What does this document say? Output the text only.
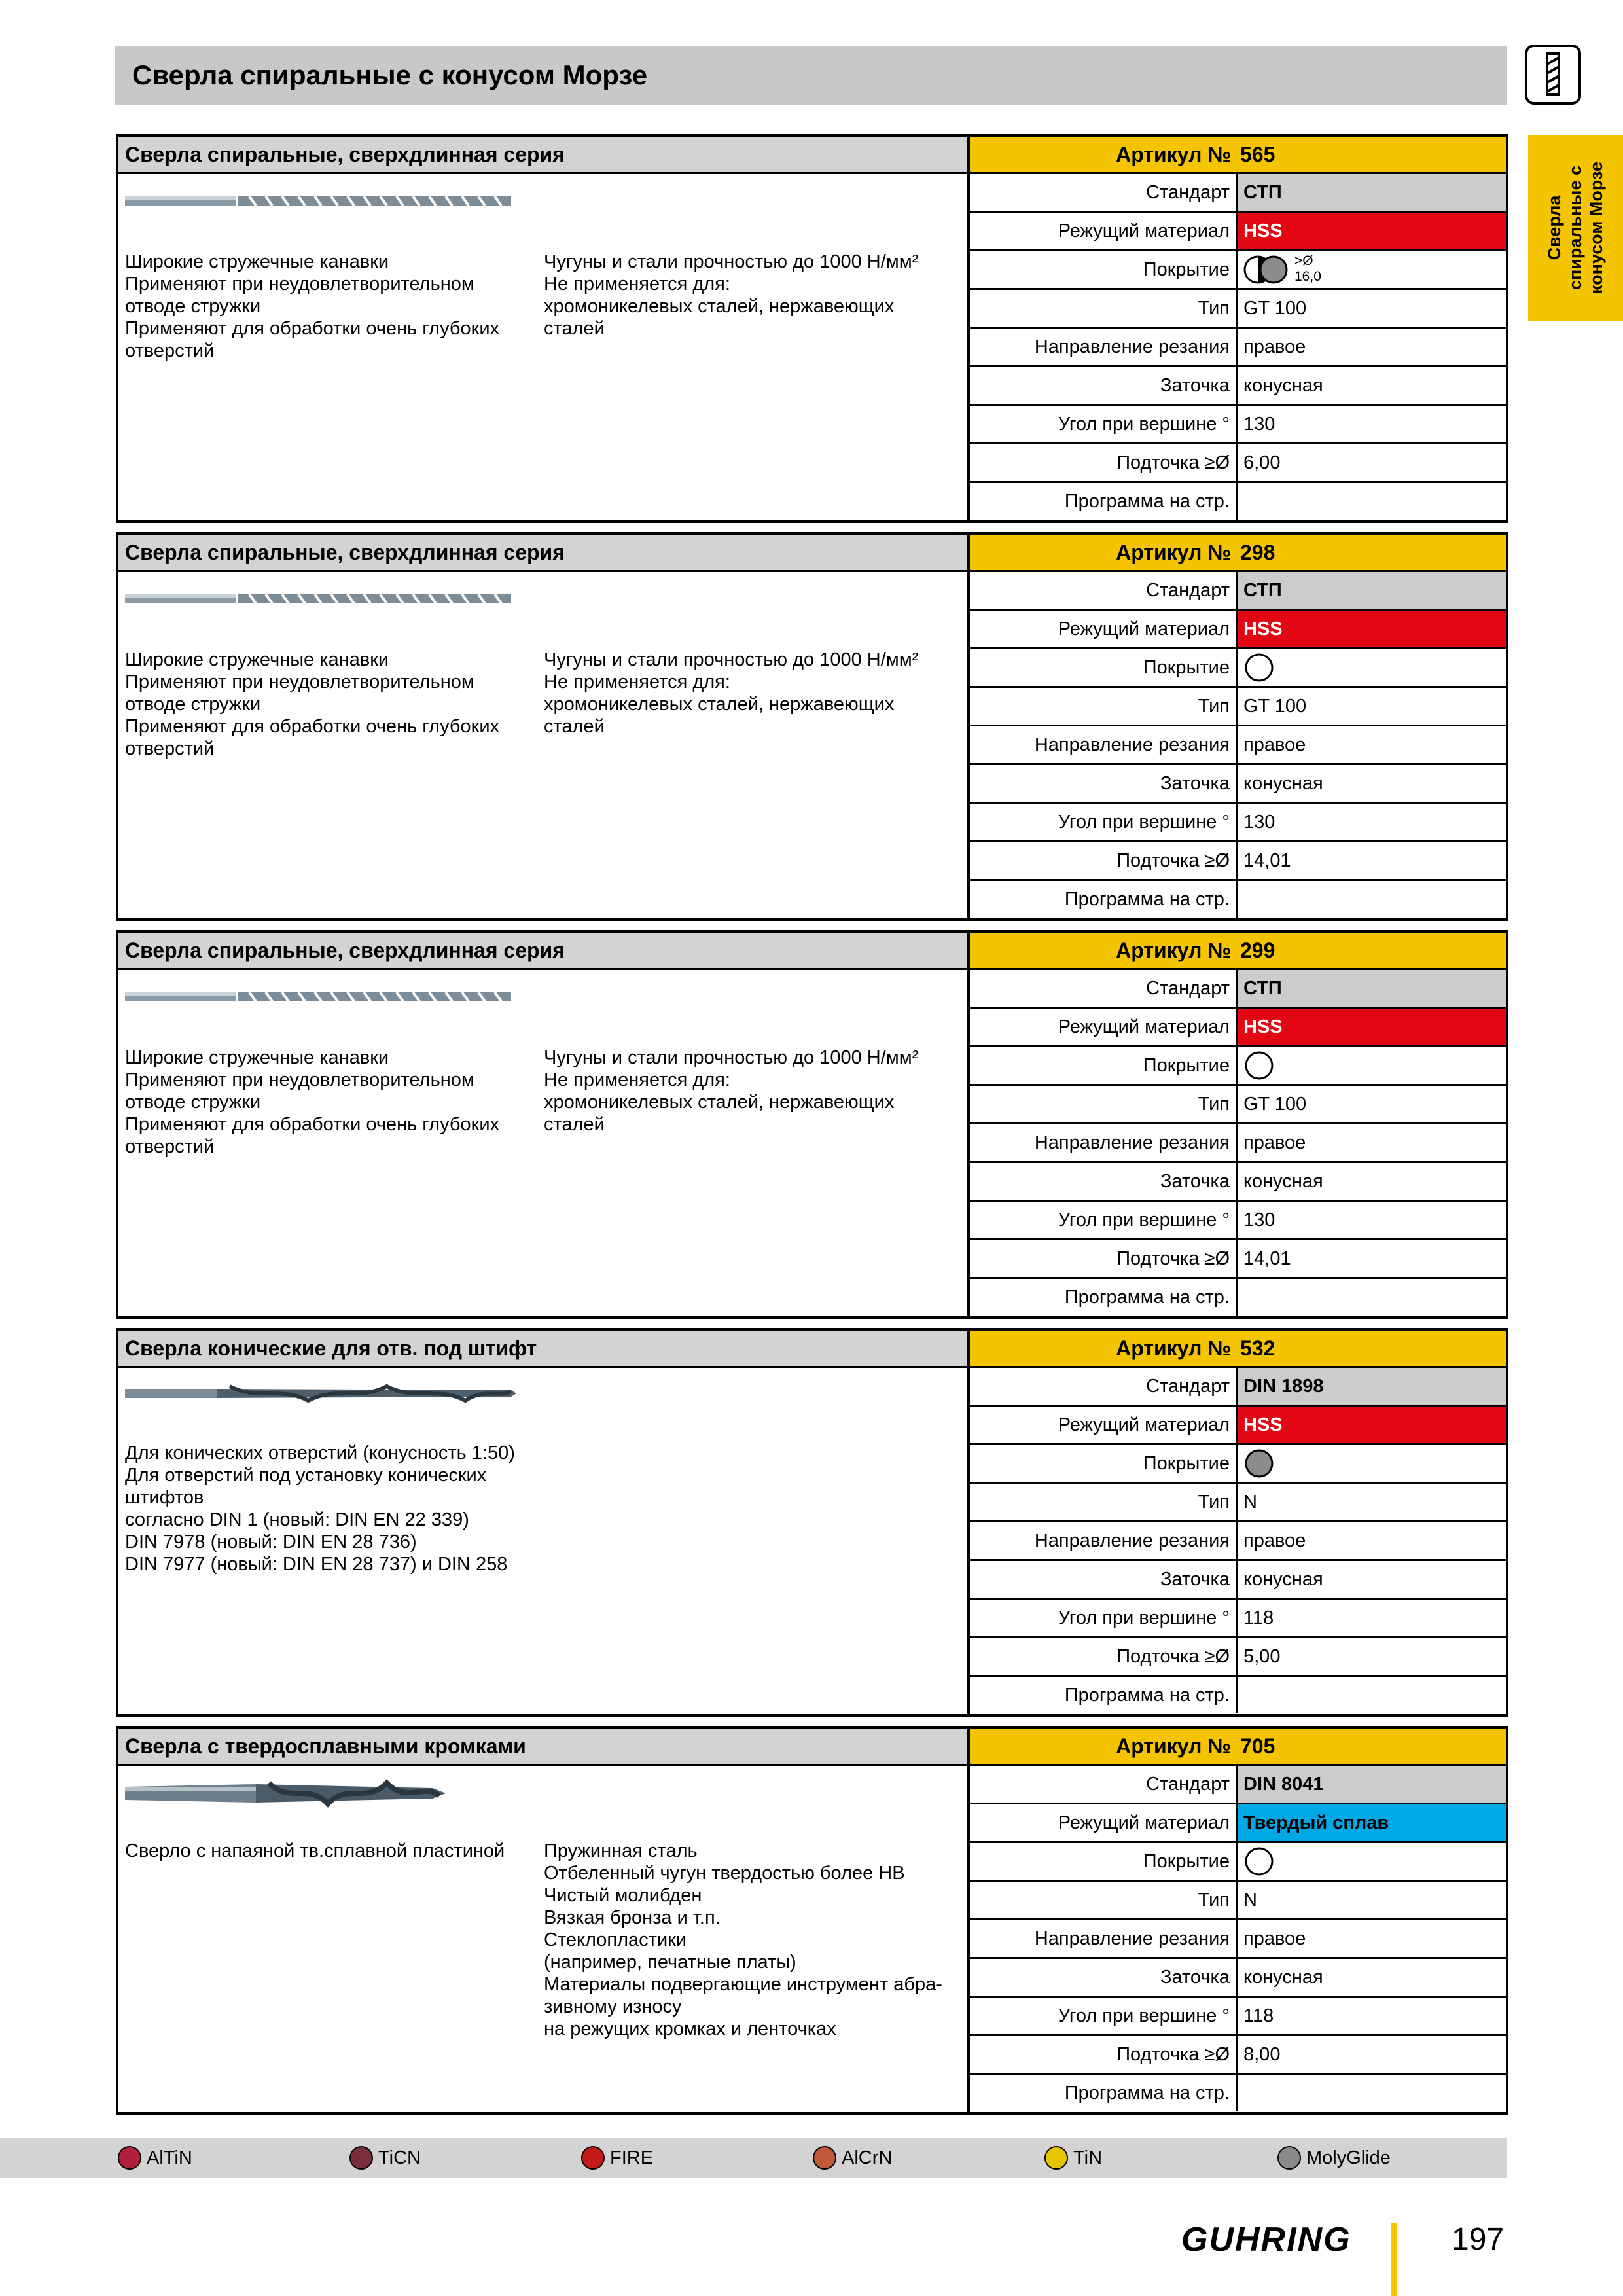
Сверла спиральные с конусом Морзе
Сверла
спиральные с
конусом Морзе
Сверла спиральные, сверхдлинная серия	Артикул № 565
Широкие стружечные канавки
Применяют при неудовлетворительном
отводе стружки
Применяют для обработки очень глубоких
отверстий
Чугуны и стали прочностью до 1000 Н/мм²
Не применяется для:
хромоникелевых сталей, нержавеющих
сталей
Стандарт СТП
Режущий материал HSS
Покрытие	>Ø
16,0
Тип GT 100
Направление резания правое
Заточка конусная
Угол при вершине ° 130
Подточка ≥Ø 6,00
Программа на стр.
Сверла спиральные, сверхдлинная серия	Артикул № 298
Широкие стружечные канавки
Применяют при неудовлетворительном
отводе стружки
Применяют для обработки очень глубоких
отверстий
Чугуны и стали прочностью до 1000 Н/мм²
Не применяется для:
хромоникелевых сталей, нержавеющих
сталей
Стандарт СТП
Режущий материал HSS
Покрытие
Тип GT 100
Направление резания правое
Заточка конусная
Угол при вершине ° 130
Подточка ≥Ø 14,01
Программа на стр.
Сверла спиральные, сверхдлинная серия	Артикул № 299
Широкие стружечные канавки
Применяют при неудовлетворительном
отводе стружки
Применяют для обработки очень глубоких
отверстий
Чугуны и стали прочностью до 1000 Н/мм²
Не применяется для:
хромоникелевых сталей, нержавеющих
сталей
Стандарт СТП
Режущий материал HSS
Покрытие
Тип GT 100
Направление резания правое
Заточка конусная
Угол при вершине ° 130
Подточка ≥Ø 14,01
Программа на стр.
Сверла конические для отв. под штифт	Артикул № 532
Для конических отверстий (конусность 1:50)
Для отверстий под установку конических
штифтов
согласно DIN 1 (новый: DIN EN 22 339)
DIN 7978 (новый: DIN EN 28 736)
DIN 7977 (новый: DIN EN 28 737) и DIN 258
Стандарт DIN 1898
Режущий материал HSS
Покрытие
Тип N
Направление резания правое
Заточка конусная
Угол при вершине ° 118
Подточка ≥Ø 5,00
Программа на стр.
Сверла с твердосплавными кромками	Артикул № 705
Сверло с напаяной тв.сплавной пластиной Пружинная сталь
Отбеленный чугун твердостью более HB
Чистый молибден
Вязкая бронза и т.п.
Стеклопластики
(например, печатные платы)
Материалы подвергающие инструмент абра-
зивному износу
на режущих кромках и ленточках
Стандарт DIN 8041
Режущий материал Твердый сплав
Покрытие
Тип N
Направление резания правое
Заточка конусная
Угол при вершине ° 118
Подточка ≥Ø 8,00
Программа на стр.
AlTiN	TiCN	FIRE	AlCrN	TiN	MolyGlide
GUHRING	197
